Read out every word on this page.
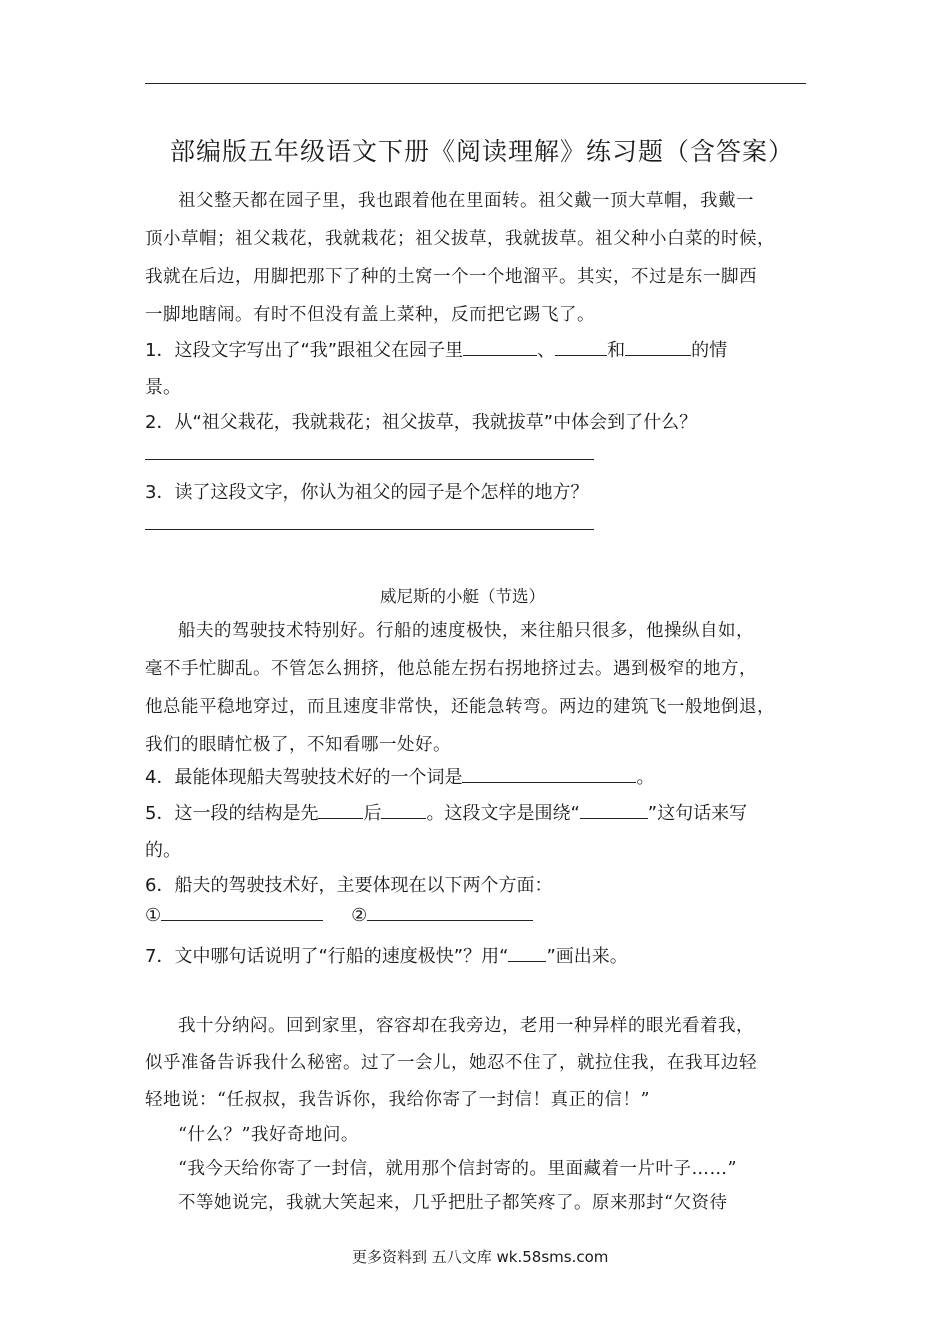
部编版五年级语文下册《阅读理解》练习题（含答案）
祖父整天都在园子里，我也跟着他在里面转。祖父戴一顶大草帽，我戴一
顶小草帽；祖父栽花，我就栽花；祖父拔草，我就拔草。祖父种小白菜的时候，
我就在后边，用脚把那下了种的土窝一个一个地溜平。其实，不过是东一脚西
一脚地瞎闹。有时不但没有盖上菜种，反而把它踢飞了。
1．这段文字写出了“我”跟祖父在园子里	、	和	的情
景。
2．从“祖父栽花，我就栽花；祖父拔草，我就拔草”中体会到了什么？
3．读了这段文字，你认为祖父的园子是个怎样的地方？
威尼斯的小艇（节选）
船夫的驾驶技术特别好。行船的速度极快，来往船只很多，他操纵自如，
毫不手忙脚乱。不管怎么拥挤，他总能左拐右拐地挤过去。遇到极窄的地方，
他总能平稳地穿过，而且速度非常快，还能急转弯。两边的建筑飞一般地倒退，
我们的眼睛忙极了，不知看哪一处好。
4．最能体现船夫驾驶技术好的一个词是	。
5．这一段的结构是先	后	。这段文字是围绕“	”这句话来写
的。
6．船夫的驾驶技术好，主要体现在以下两个方面：
①	②
7．文中哪句话说明了“行船的速度极快”？用“ ”画出来。
我十分纳闷。回到家里，容容却在我旁边，老用一种异样的眼光看着我，
似乎准备告诉我什么秘密。过了一会儿，她忍不住了，就拉住我，在我耳边轻
轻地说：“任叔叔，我告诉你，我给你寄了一封信！真正的信！”
“什么？”我好奇地问。
“我今天给你寄了一封信，就用那个信封寄的。里面藏着一片叶子……”
不等她说完，我就大笑起来，几乎把肚子都笑疼了。原来那封“欠资待
更多资料到 五八文库 wk.58sms.com
